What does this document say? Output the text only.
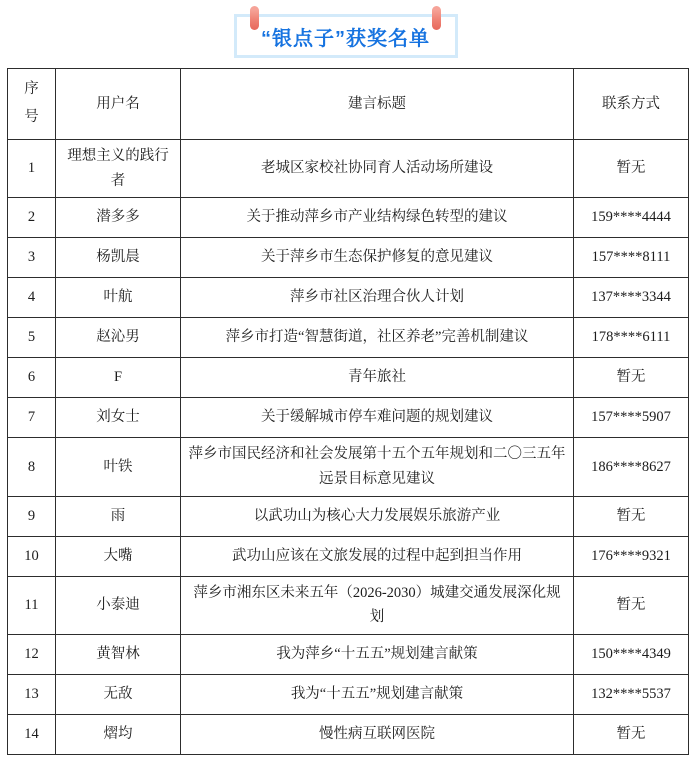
“银点子”获奖名单
序号	用户名	建言标题	联系方式
1	理想主义的践行者	老城区家校社协同育人活动场所建设	暂无
2	潜多多	关于推动萍乡市产业结构绿色转型的建议	159****4444
3	杨凯晨	关于萍乡市生态保护修复的意见建议	157****8111
4	叶航	萍乡市社区治理合伙人计划	137****3344
5	赵沁男	萍乡市打造“智慧街道，社区养老”完善机制建议	178****6111
6	F	青年旅社	暂无
7	刘女士	关于缓解城市停车难问题的规划建议	157****5907
8	叶铁	萍乡市国民经济和社会发展第十五个五年规划和二〇三五年远景目标意见建议	186****8627
9	雨	以武功山为核心大力发展娱乐旅游产业	暂无
10	大嘴	武功山应该在文旅发展的过程中起到担当作用	176****9321
11	小泰迪	萍乡市湘东区未来五年（2026-2030）城建交通发展深化规划	暂无
12	黄智林	我为萍乡“十五五”规划建言献策	150****4349
13	无敌	我为“十五五”规划建言献策	132****5537
14	熠均	慢性病互联网医院	暂无
